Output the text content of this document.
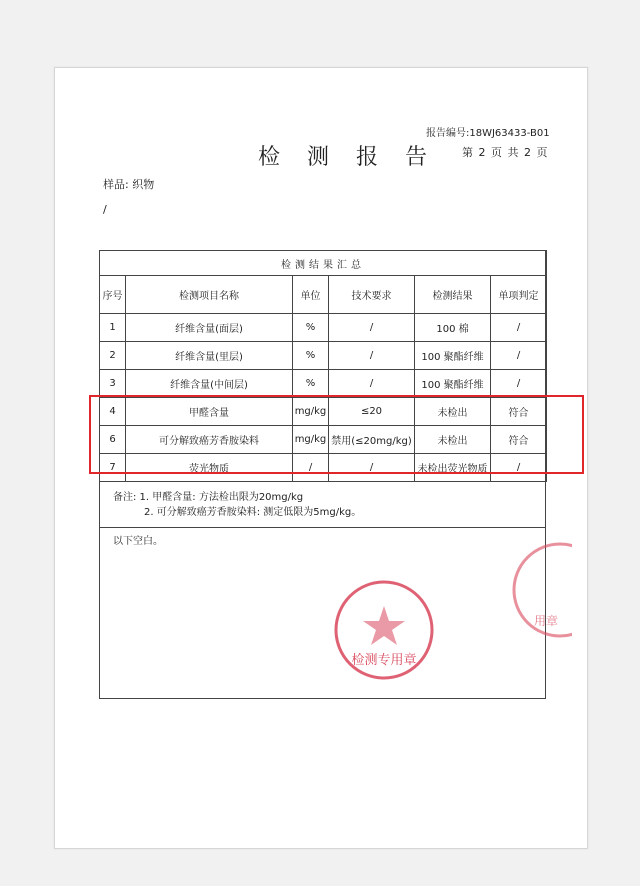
报告编号:18WJ63433-B01
检 测 报 告 第 2 页 共 2 页
样品: 织物
/
检测结果汇总					
序号	检测项目名称	单位	技术要求	检测结果	单项判定
1	纤维含量(面层)	%	/	100 棉	/
2	纤维含量(里层)	%	/	100 聚酯纤维	/
3	纤维含量(中间层)	%	/	100 聚酯纤维	/
4	甲醛含量	mg/kg	≤20	未检出	符合
6	可分解致癌芳香胺染料	mg/kg	禁用(≤20mg/kg)	未检出	符合
7	荧光物质	/	/	未检出荧光物质	/
备注: 1. 甲醛含量: 方法检出限为20mg/kg
2. 可分解致癌芳香胺染料: 测定低限为5mg/kg。
以下空白。
检测专用章
用章
